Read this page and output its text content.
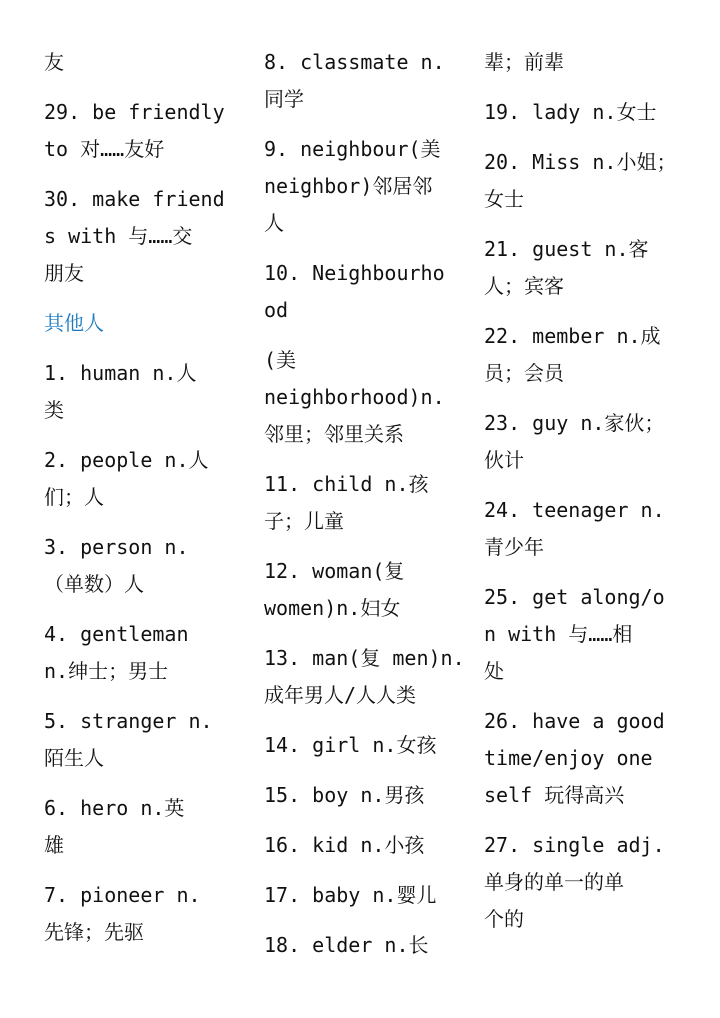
友
29. be friendly
to 对……友好
30. make friend
s with 与……交
朋友
其他人
1. human n.人
类
2. people n.人
们；人
3. person n.
（单数）人
4. gentleman
n.绅士；男士
5. stranger n.
陌生人
6. hero n.英
雄
7. pioneer n.
先锋；先驱
8. classmate n.
同学
9. neighbour(美
neighbor)邻居邻
人
10. Neighbourho
od
(美
neighborhood)n.
邻里；邻里关系
11. child n.孩
子；儿童
12. woman(复
women)n.妇女
13. man(复 men)n.
成年男人/人人类
14. girl n.女孩
15. boy n.男孩
16. kid n.小孩
17. baby n.婴儿
18. elder n.长
辈；前辈
19. lady n.女士
20. Miss n.小姐；
女士
21. guest n.客
人；宾客
22. member n.成
员；会员
23. guy n.家伙；
伙计
24. teenager n.
青少年
25. get along/o
n with 与……相
处
26. have a good
time/enjoy one
self 玩得高兴
27. single adj.
单身的单一的单
个的
